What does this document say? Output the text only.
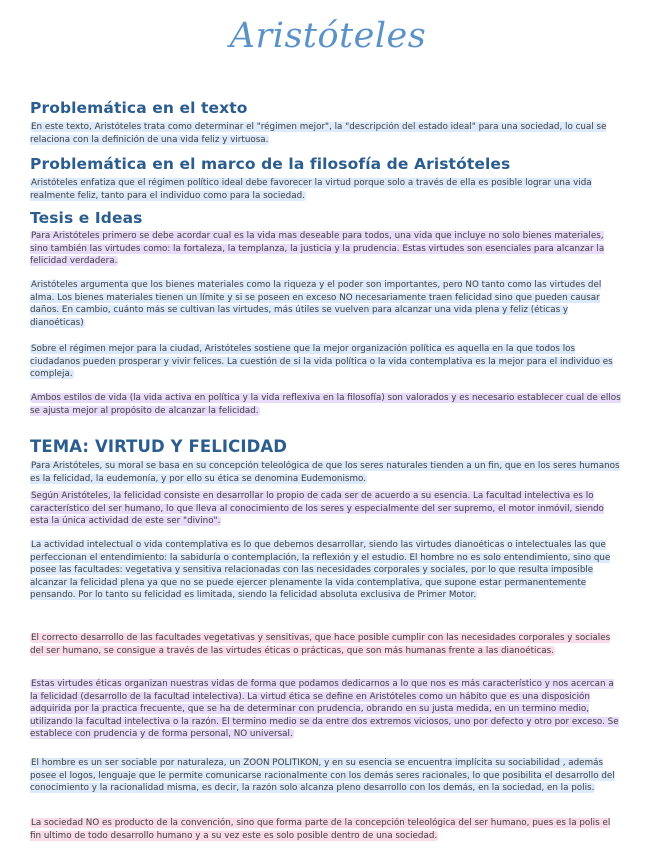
Aristóteles
Problemática en el texto

En este texto, Aristóteles trata como determinar el "régimen mejor", la "descripción del estado ideal" para una sociedad, lo cual se relaciona con la definición de una vida feliz y virtuosa.

Problemática en el marco de la filosofía de Aristóteles

Aristóteles enfatiza que el régimen político ideal debe favorecer la virtud porque solo a través de ella es posible lograr una vida realmente feliz, tanto para el individuo como para la sociedad.

Tesis e Ideas

Para Aristóteles primero se debe acordar cual es la vida mas deseable para todos, una vida que incluye no solo bienes materiales, sino también las virtudes como: la fortaleza, la templanza, la justicia y la prudencia. Estas virtudes son esenciales para alcanzar la felicidad verdadera.

Aristóteles argumenta que los bienes materiales como la riqueza y el poder son importantes, pero NO tanto como las virtudes del alma. Los bienes materiales tienen un límite y si se poseen en exceso NO necesariamente traen felicidad sino que pueden causar daños. En cambio, cuánto más se cultivan las virtudes, más útiles se vuelven para alcanzar una vida plena y feliz (éticas y dianoéticas)

Sobre el régimen mejor para la ciudad, Aristóteles sostiene que la mejor organización política es aquella en la que todos los ciudadanos pueden prosperar y vivir felices. La cuestión de si la vida política o la vida contemplativa es la mejor para el individuo es compleja.

Ambos estilos de vida (la vida activa en política y la vida reflexiva en la filosofía) son valorados y es necesario establecer cual de ellos se ajusta mejor al propósito de alcanzar la felicidad.

TEMA: VIRTUD Y FELICIDAD

Para Aristóteles, su moral se basa en su concepción teleológica de que los seres naturales tienden a un fin, que en los seres humanos es la felicidad, la eudemonía, y por ello su ética se denomina Eudemonismo.

Según Aristóteles, la felicidad consiste en desarrollar lo propio de cada ser de acuerdo a su esencia. La facultad intelectiva es lo característico del ser humano, lo que lleva al conocimiento de los seres y especialmente del ser supremo, el motor inmóvil, siendo esta la única actividad de este ser "divino".

La actividad intelectual o vida contemplativa es lo que debemos desarrollar, siendo las virtudes dianoéticas o intelectuales las que perfeccionan el entendimiento: la sabiduría o contemplación, la reflexión y el estudio. El hombre no es solo entendimiento, sino que posee las facultades: vegetativa y sensitiva relacionadas con las necesidades corporales y sociales, por lo que resulta imposible alcanzar la felicidad plena ya que no se puede ejercer plenamente la vida contemplativa, que supone estar permanentemente pensando. Por lo tanto su felicidad es limitada, siendo la felicidad absoluta exclusiva de Primer Motor.

El correcto desarrollo de las facultades vegetativas y sensitivas, que hace posible cumplir con las necesidades corporales y sociales del ser humano, se consigue a través de las virtudes éticas o prácticas, que son más humanas frente a las dianoéticas.

Estas virtudes éticas organizan nuestras vidas de forma que podamos dedicarnos a lo que nos es más característico y nos acercan a la felicidad (desarrollo de la facultad intelectiva). La virtud ética se define en Aristóteles como un hábito que es una disposición adquirida por la practica frecuente, que se ha de determinar con prudencia, obrando en su justa medida, en un termino medio, utilizando la facultad intelectiva o la razón. El termino medio se da entre dos extremos viciosos, uno por defecto y otro por exceso. Se establece con prudencia y de forma personal, NO universal.

El hombre es un ser sociable por naturaleza, un ZOON POLITIKON, y en su esencia se encuentra implícita su sociabilidad , además posee el logos, lenguaje que le permite comunicarse racionalmente con los demás seres racionales, lo que posibilita el desarrollo del conocimiento y la racionalidad misma, es decir, la razón solo alcanza pleno desarrollo con los demás, en la sociedad, en la polis.

La sociedad NO es producto de la convención, sino que forma parte de la concepción teleológica del ser humano, pues es la polis el fin ultimo de todo desarrollo humano y a su vez este es solo posible dentro de una sociedad.
